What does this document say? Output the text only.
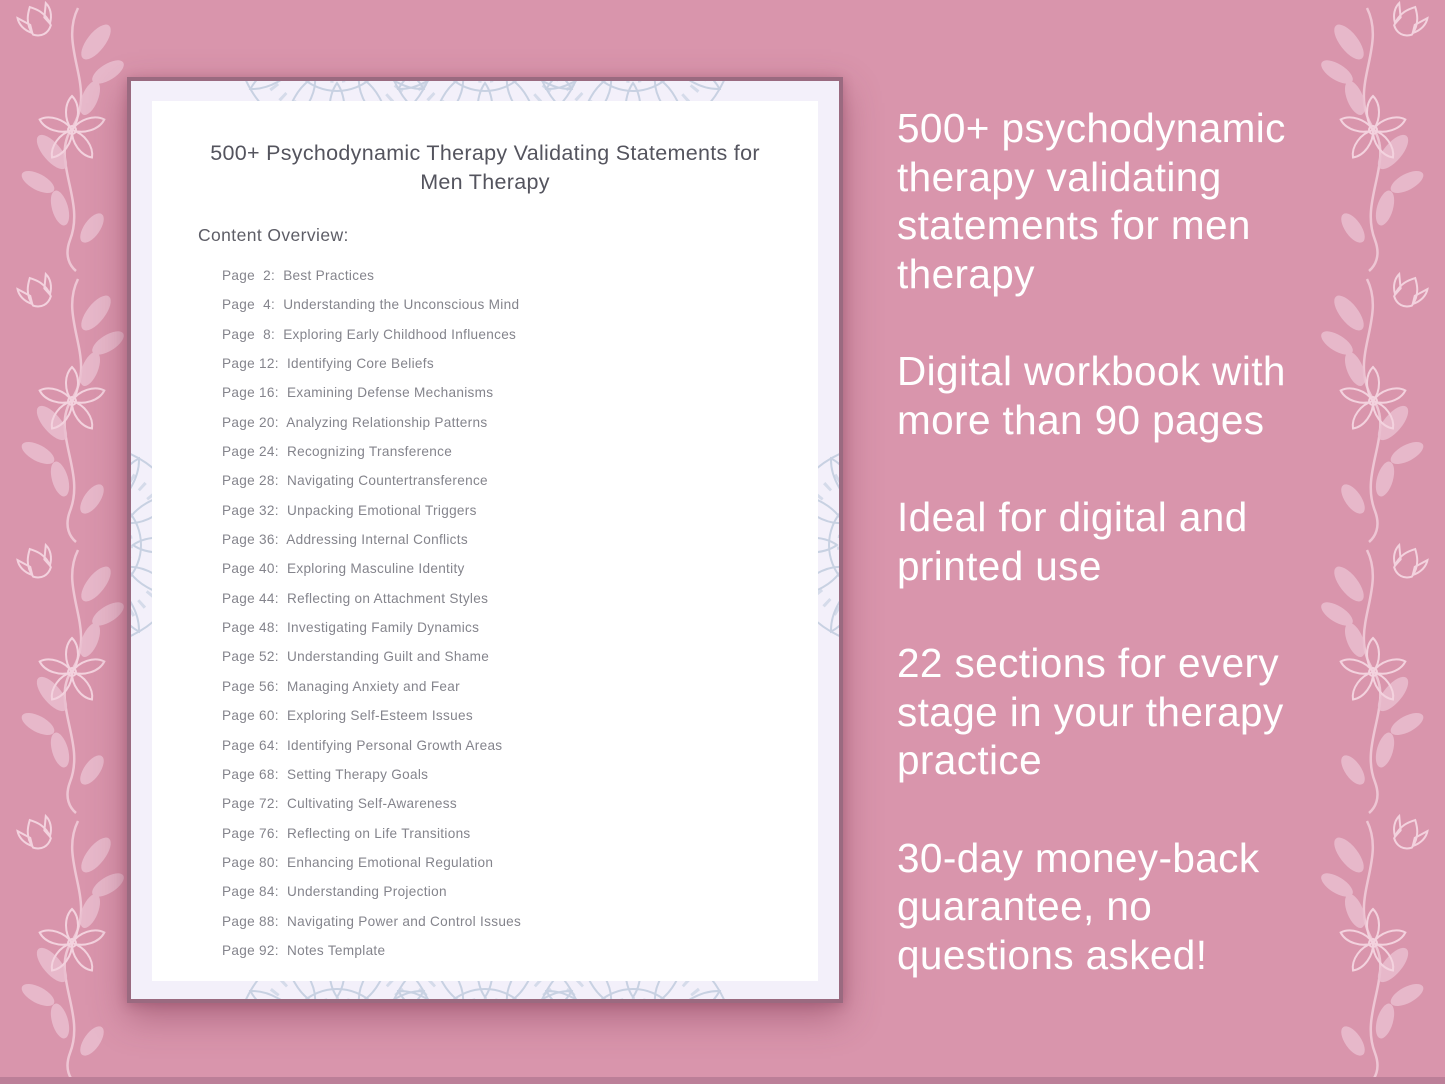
500+ Psychodynamic Therapy Validating Statements for Men Therapy
Content Overview:
Page  2:  Best Practices
Page  4:  Understanding the Unconscious Mind
Page  8:  Exploring Early Childhood Influences
Page 12:  Identifying Core Beliefs
Page 16:  Examining Defense Mechanisms
Page 20:  Analyzing Relationship Patterns
Page 24:  Recognizing Transference
Page 28:  Navigating Countertransference
Page 32:  Unpacking Emotional Triggers
Page 36:  Addressing Internal Conflicts
Page 40:  Exploring Masculine Identity
Page 44:  Reflecting on Attachment Styles
Page 48:  Investigating Family Dynamics
Page 52:  Understanding Guilt and Shame
Page 56:  Managing Anxiety and Fear
Page 60:  Exploring Self-Esteem Issues
Page 64:  Identifying Personal Growth Areas
Page 68:  Setting Therapy Goals
Page 72:  Cultivating Self-Awareness
Page 76:  Reflecting on Life Transitions
Page 80:  Enhancing Emotional Regulation
Page 84:  Understanding Projection
Page 88:  Navigating Power and Control Issues
Page 92:  Notes Template

500+ psychodynamic
therapy validating
statements for men
therapy

Digital workbook with
more than 90 pages

Ideal for digital and
printed use

22 sections for every
stage in your therapy
practice

30-day money-back
guarantee, no
questions asked!
